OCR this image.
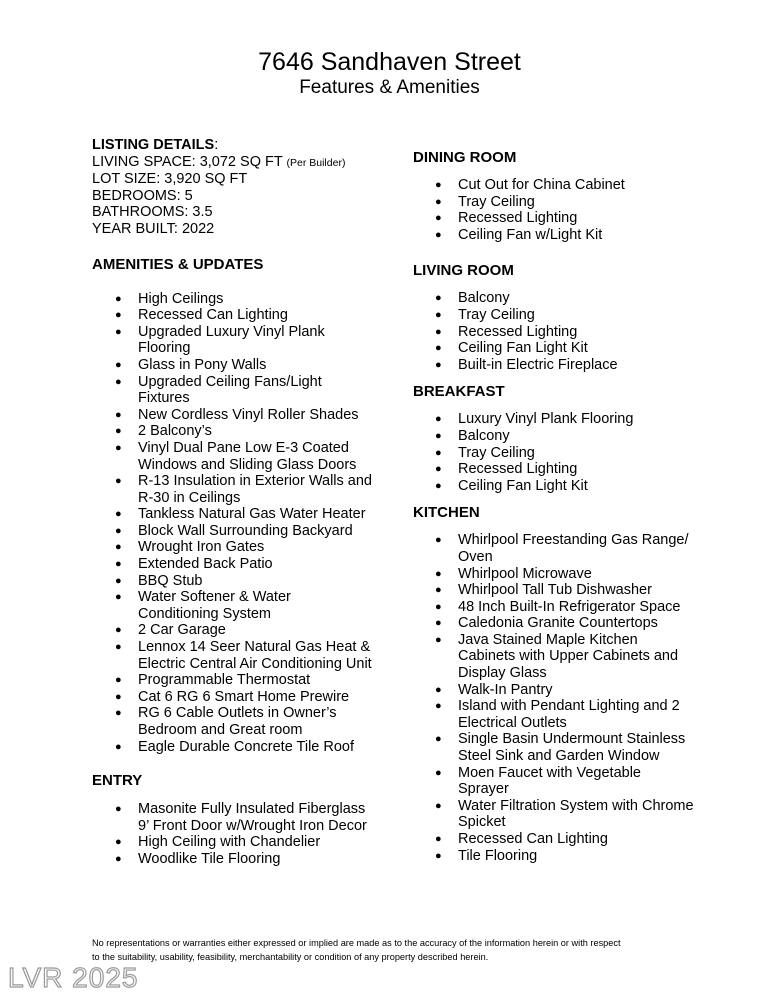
7646 Sandhaven Street
Features & Amenities
LISTING DETAILS:
LIVING SPACE: 3,072 SQ FT (Per Builder)
LOT SIZE: 3,920 SQ FT
BEDROOMS: 5
BATHROOMS: 3.5
YEAR BUILT: 2022
AMENITIES & UPDATES
● High Ceilings
● Recessed Can Lighting
● Upgraded Luxury Vinyl Plank
Flooring
● Glass in Pony Walls
● Upgraded Ceiling Fans/Light
Fixtures
● New Cordless Vinyl Roller Shades
● 2 Balcony’s
● Vinyl Dual Pane Low E-3 Coated
Windows and Sliding Glass Doors
● R-13 Insulation in Exterior Walls and
R-30 in Ceilings
● Tankless Natural Gas Water Heater
● Block Wall Surrounding Backyard
● Wrought Iron Gates
● Extended Back Patio
● BBQ Stub
● Water Softener & Water
Conditioning System
● 2 Car Garage
● Lennox 14 Seer Natural Gas Heat &
Electric Central Air Conditioning Unit
● Programmable Thermostat
● Cat 6 RG 6 Smart Home Prewire
● RG 6 Cable Outlets in Owner’s
Bedroom and Great room
● Eagle Durable Concrete Tile Roof
ENTRY
● Masonite Fully Insulated Fiberglass
9’ Front Door w/Wrought Iron Decor
● High Ceiling with Chandelier
● Woodlike Tile Flooring
DINING ROOM
● Cut Out for China Cabinet
● Tray Ceiling
● Recessed Lighting
● Ceiling Fan w/Light Kit
LIVING ROOM
● Balcony
● Tray Ceiling
● Recessed Lighting
● Ceiling Fan Light Kit
● Built-in Electric Fireplace
BREAKFAST
● Luxury Vinyl Plank Flooring
● Balcony
● Tray Ceiling
● Recessed Lighting
● Ceiling Fan Light Kit
KITCHEN
● Whirlpool Freestanding Gas Range/
Oven
● Whirlpool Microwave
● Whirlpool Tall Tub Dishwasher
● 48 Inch Built-In Refrigerator Space
● Caledonia Granite Countertops
● Java Stained Maple Kitchen
Cabinets with Upper Cabinets and
Display Glass
● Walk-In Pantry
● Island with Pendant Lighting and 2
Electrical Outlets
● Single Basin Undermount Stainless
Steel Sink and Garden Window
● Moen Faucet with Vegetable
Sprayer
● Water Filtration System with Chrome
Spicket
● Recessed Can Lighting
● Tile Flooring
No representations or warranties either expressed or implied are made as to the accuracy of the information herein or with respect
to the suitability, usability, feasibility, merchantability or condition of any property described herein.
LVR 2025
